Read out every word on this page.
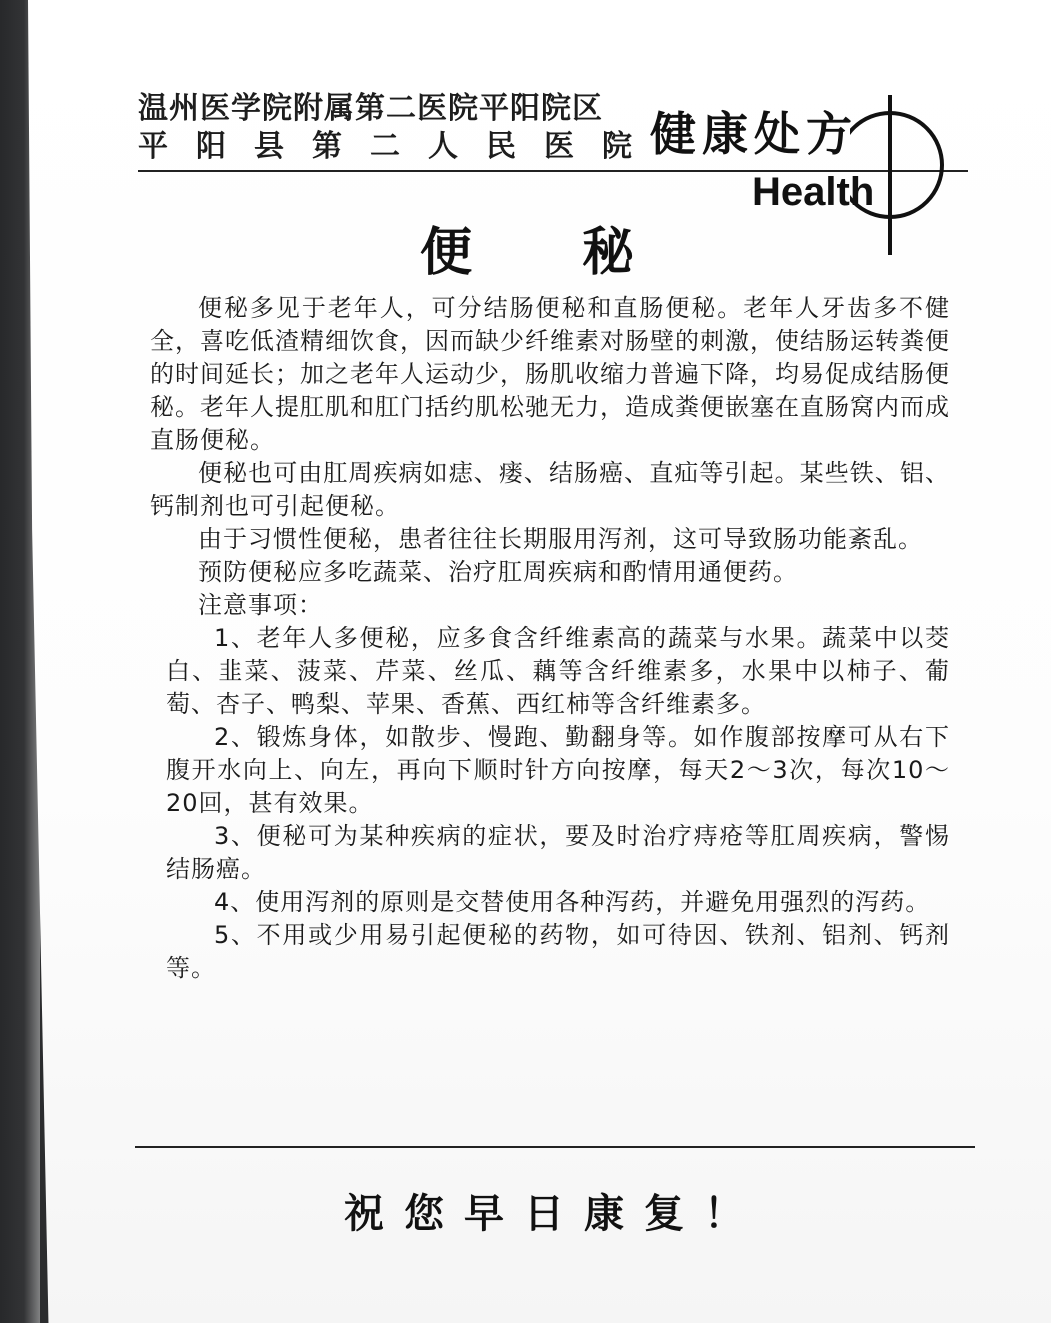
温州医学院附属第二医院平阳院区
平阳县第二人民医院
健康处方
Health
便秘

便秘多见于老年人，可分结肠便秘和直肠便秘。老年人牙齿多不健全，喜吃低渣精细饮食，因而缺少纤维素对肠壁的刺激，使结肠运转粪便的时间延长；加之老年人运动少，肠肌收缩力普遍下降，均易促成结肠便秘。老年人提肛肌和肛门括约肌松驰无力，造成粪便嵌塞在直肠窝内而成直肠便秘。

便秘也可由肛周疾病如痣、瘘、结肠癌、直疝等引起。某些铁、铝、钙制剂也可引起便秘。

由于习惯性便秘，患者往往长期服用泻剂，这可导致肠功能紊乱。

预防便秘应多吃蔬菜、治疗肛周疾病和酌情用通便药。

注意事项：

1、老年人多便秘，应多食含纤维素高的蔬菜与水果。蔬菜中以茭白、韭菜、菠菜、芹菜、丝瓜、藕等含纤维素多，水果中以柿子、葡萄、杏子、鸭梨、苹果、香蕉、西红柿等含纤维素多。

2、锻炼身体，如散步、慢跑、勤翻身等。如作腹部按摩可从右下腹开水向上、向左，再向下顺时针方向按摩，每天2～3次，每次10～20回，甚有效果。

3、便秘可为某种疾病的症状，要及时治疗痔疮等肛周疾病，警惕结肠癌。

4、使用泻剂的原则是交替使用各种泻药，并避免用强烈的泻药。

5、不用或少用易引起便秘的药物，如可待因、铁剂、铝剂、钙剂等。

祝您早日康复！
